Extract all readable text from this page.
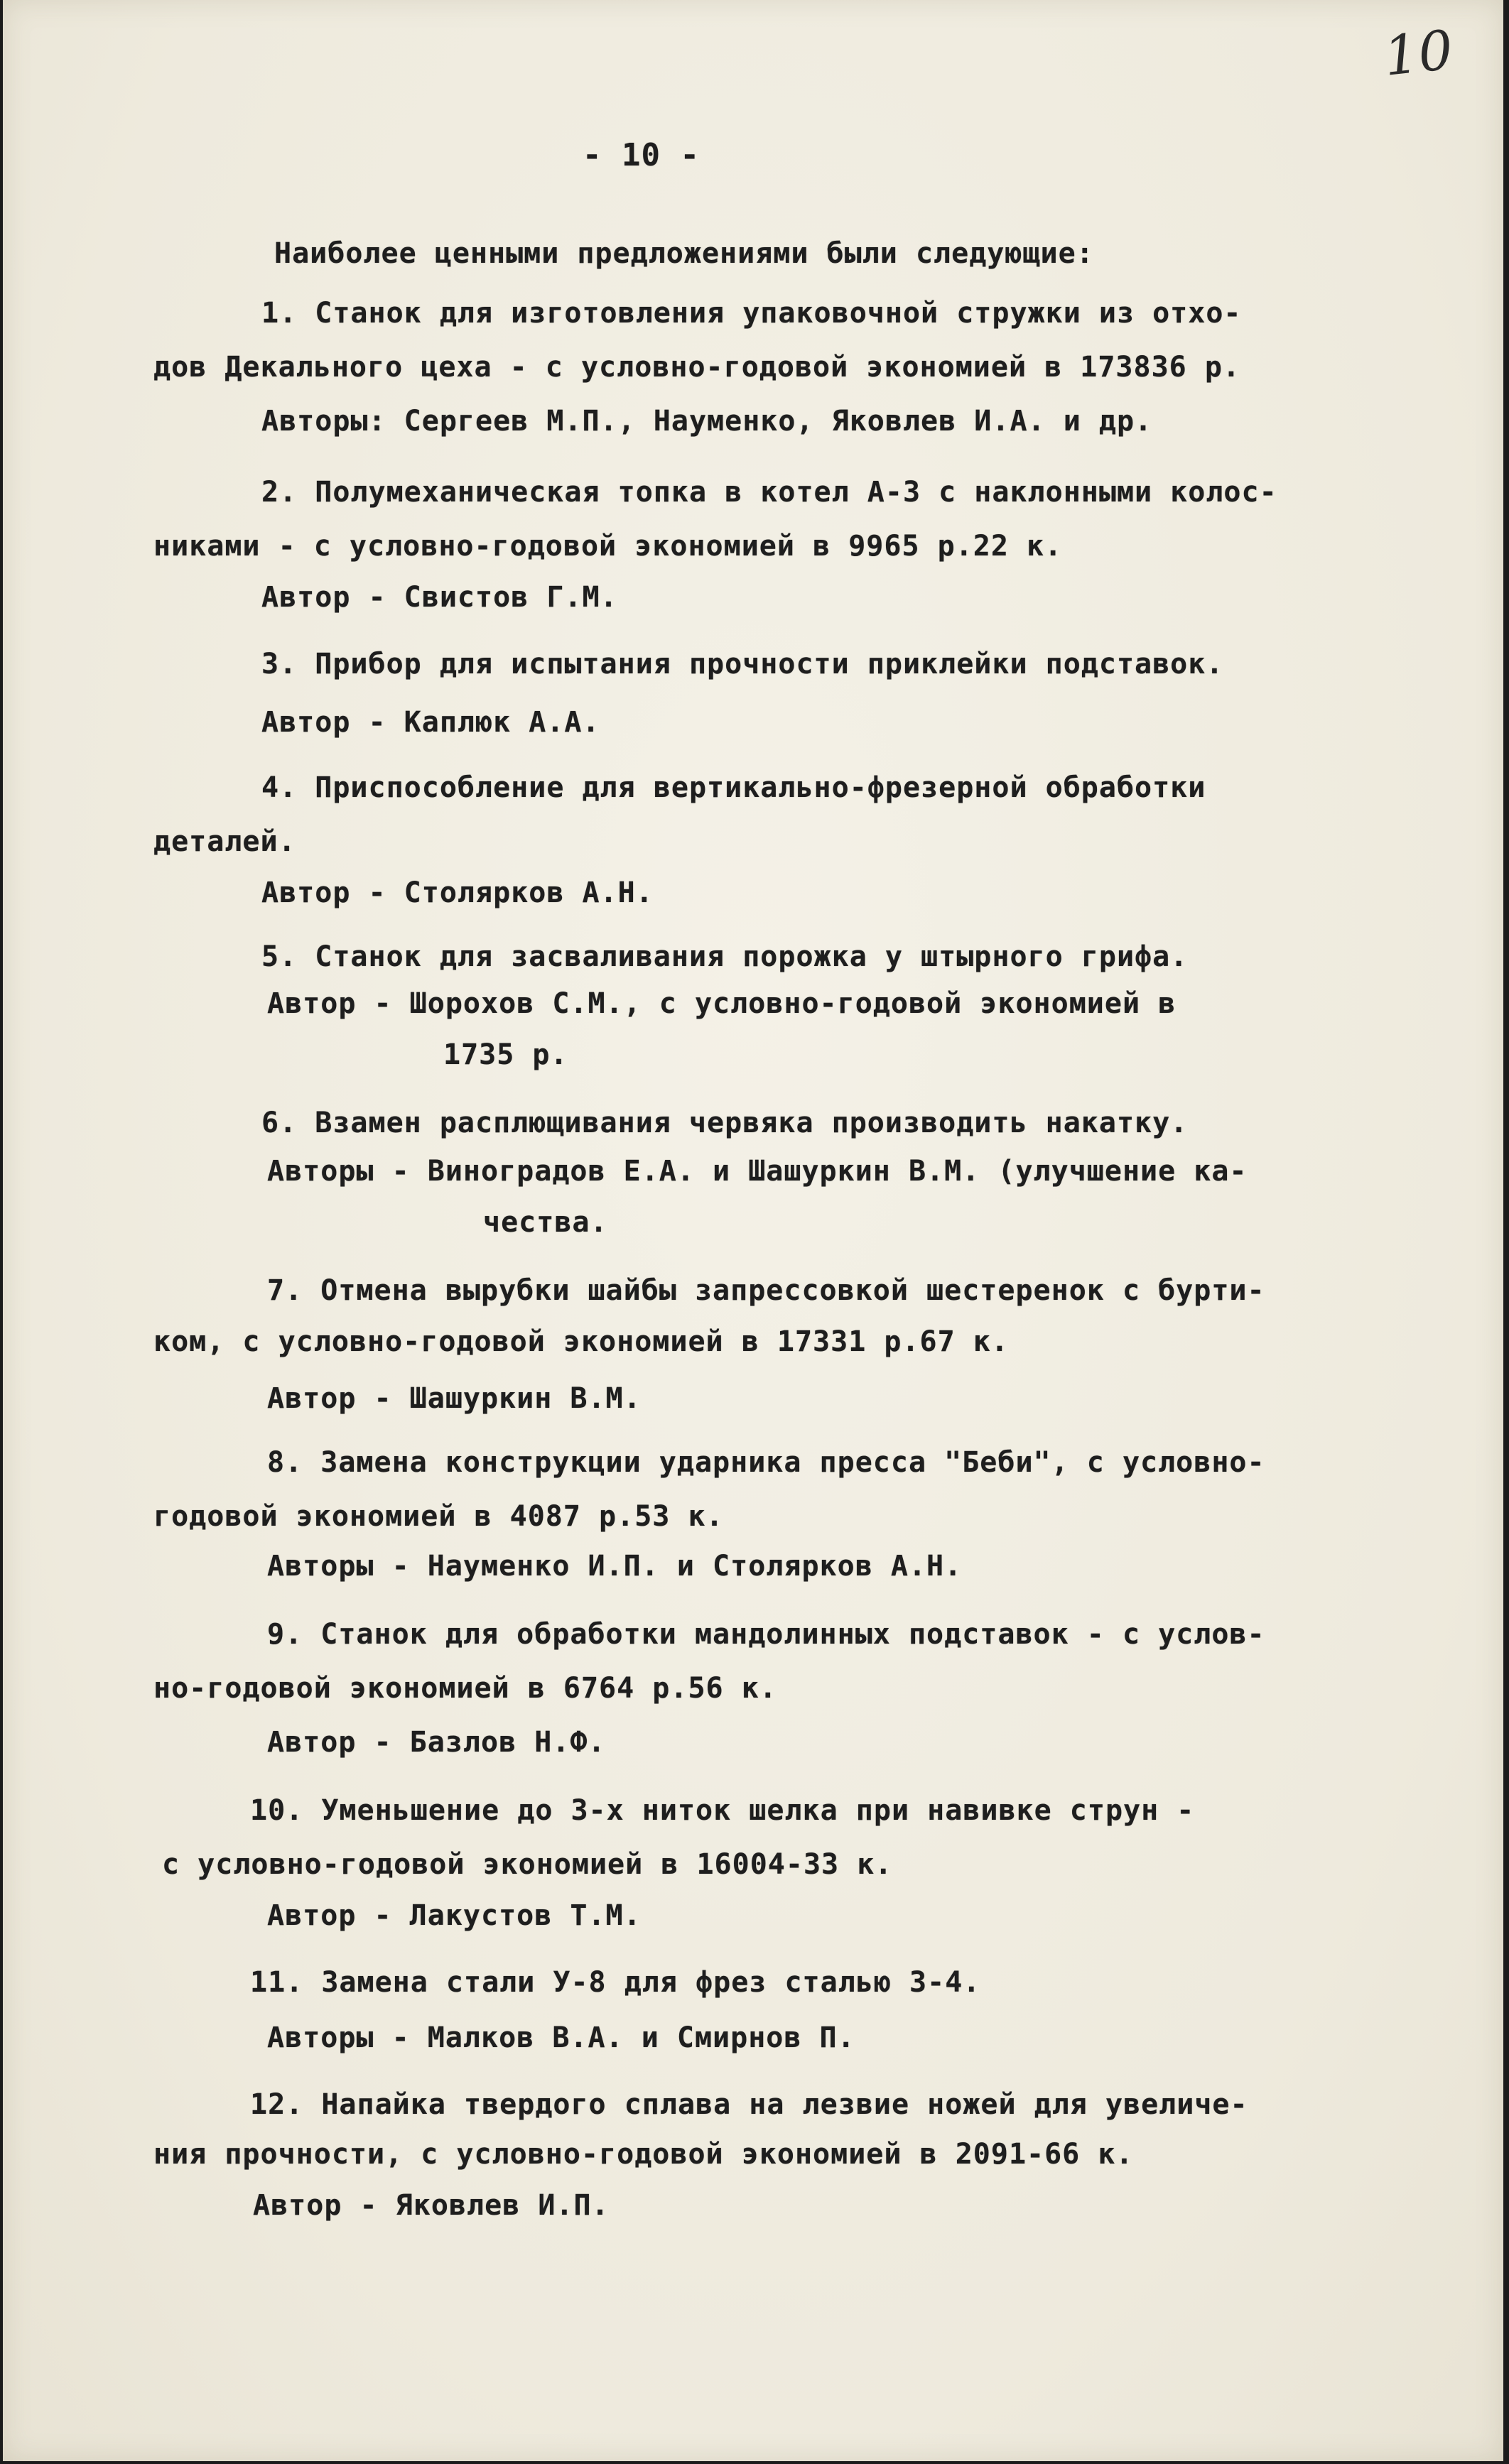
10
- 10 -
Наиболее ценными предложениями были следующие:
1. Станок для изготовления упаковочной стружки из отхо-
дов Декального цеха - с условно-годовой экономией в 173836 р.
Авторы: Сергеев М.П., Науменко, Яковлев И.А. и др.
2. Полумеханическая топка в котел А-3 с наклонными колос-
никами - с условно-годовой экономией в 9965 р.22 к.
Автор - Свистов Г.М.
3. Прибор для испытания прочности приклейки подставок.
Автор - Каплюк А.А.
4. Приспособление для вертикально-фрезерной обработки
деталей.
Автор - Столярков А.Н.
5. Станок для засваливания порожка у штырного грифа.
Автор - Шорохов С.М., с условно-годовой экономией в
1735 р.
6. Взамен расплющивания червяка производить накатку.
Авторы - Виноградов Е.А. и Шашуркин В.М. (улучшение ка-
чества.
7. Отмена вырубки шайбы запрессовкой шестеренок с бурти-
ком, с условно-годовой экономией в 17331 р.67 к.
Автор - Шашуркин В.М.
8. Замена конструкции ударника пресса "Беби", с условно-
годовой экономией в 4087 р.53 к.
Авторы - Науменко И.П. и Столярков А.Н.
9. Станок для обработки мандолинных подставок - с услов-
но-годовой экономией в 6764 р.56 к.
Автор - Базлов Н.Ф.
10. Уменьшение до 3-х ниток шелка при навивке струн -
с условно-годовой экономией в 16004-33 к.
Автор - Лакустов Т.М.
11. Замена стали У-8 для фрез сталью 3-4.
Авторы - Малков В.А. и Смирнов П.
12. Напайка твердого сплава на лезвие ножей для увеличе-
ния прочности, с условно-годовой экономией в 2091-66 к.
Автор - Яковлев И.П.
